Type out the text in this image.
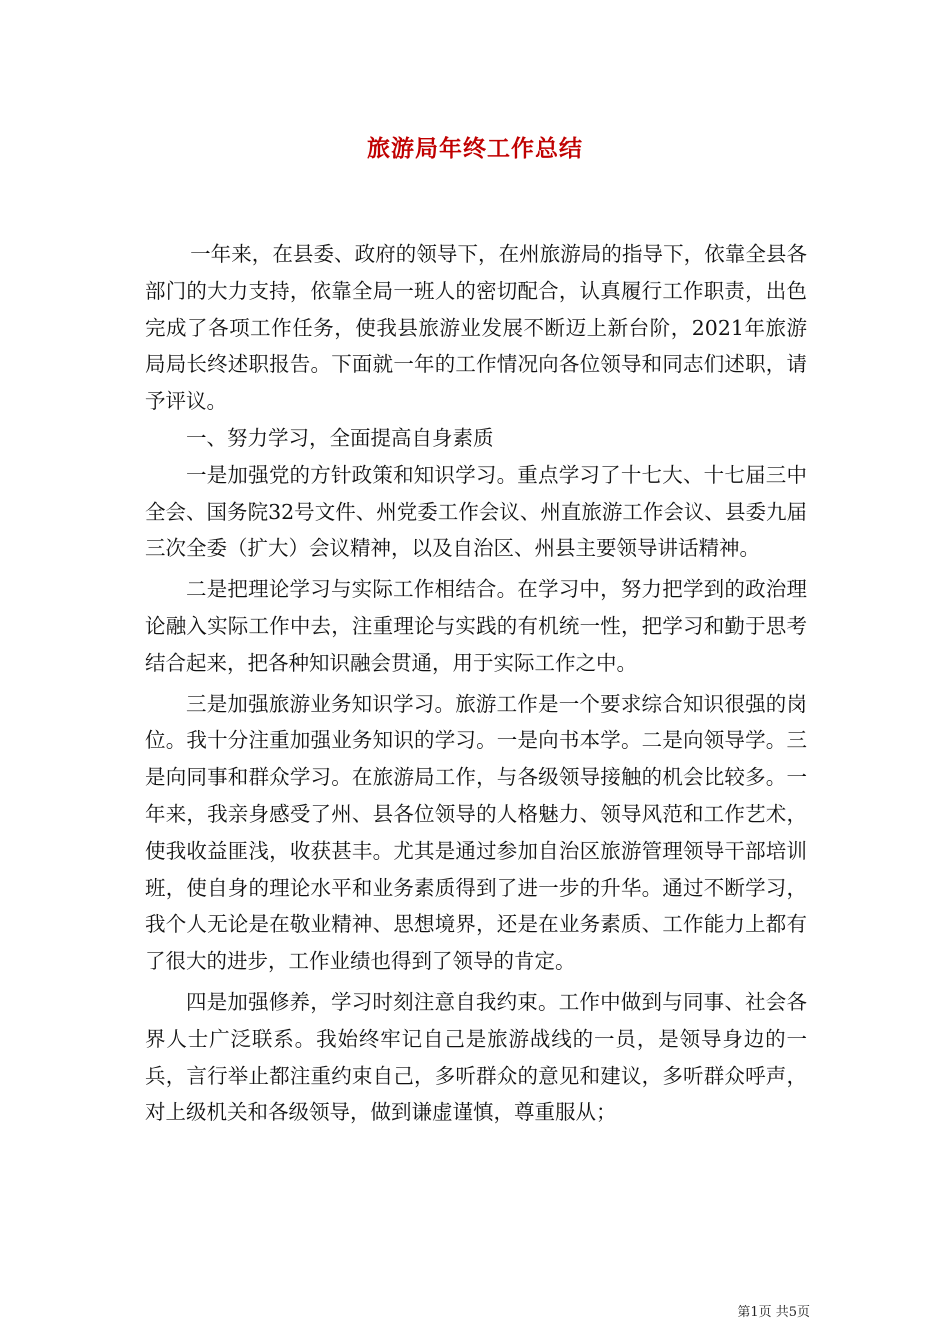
旅游局年终工作总结

一年来，在县委、政府的领导下，在州旅游局的指导下，依靠全县各部门的大力支持，依靠全局一班人的密切配合，认真履行工作职责，出色完成了各项工作任务，使我县旅游业发展不断迈上新台阶，2021年旅游局局长终述职报告。下面就一年的工作情况向各位领导和同志们述职，请予评议。

一、努力学习，全面提高自身素质

一是加强党的方针政策和知识学习。重点学习了十七大、十七届三中全会、国务院32号文件、州党委工作会议、州直旅游工作会议、县委九届三次全委（扩大）会议精神，以及自治区、州县主要领导讲话精神。

二是把理论学习与实际工作相结合。在学习中，努力把学到的政治理论融入实际工作中去，注重理论与实践的有机统一性，把学习和勤于思考结合起来，把各种知识融会贯通，用于实际工作之中。

三是加强旅游业务知识学习。旅游工作是一个要求综合知识很强的岗位。我十分注重加强业务知识的学习。一是向书本学。二是向领导学。三是向同事和群众学习。在旅游局工作，与各级领导接触的机会比较多。一年来，我亲身感受了州、县各位领导的人格魅力、领导风范和工作艺术，使我收益匪浅，收获甚丰。尤其是通过参加自治区旅游管理领导干部培训班，使自身的理论水平和业务素质得到了进一步的升华。通过不断学习，我个人无论是在敬业精神、思想境界，还是在业务素质、工作能力上都有了很大的进步，工作业绩也得到了领导的肯定。

四是加强修养，学习时刻注意自我约束。工作中做到与同事、社会各界人士广泛联系。我始终牢记自己是旅游战线的一员，是领导身边的一兵，言行举止都注重约束自己，多听群众的意见和建议，多听群众呼声，对上级机关和各级领导，做到谦虚谨慎，尊重服从；

第1页 共5页
